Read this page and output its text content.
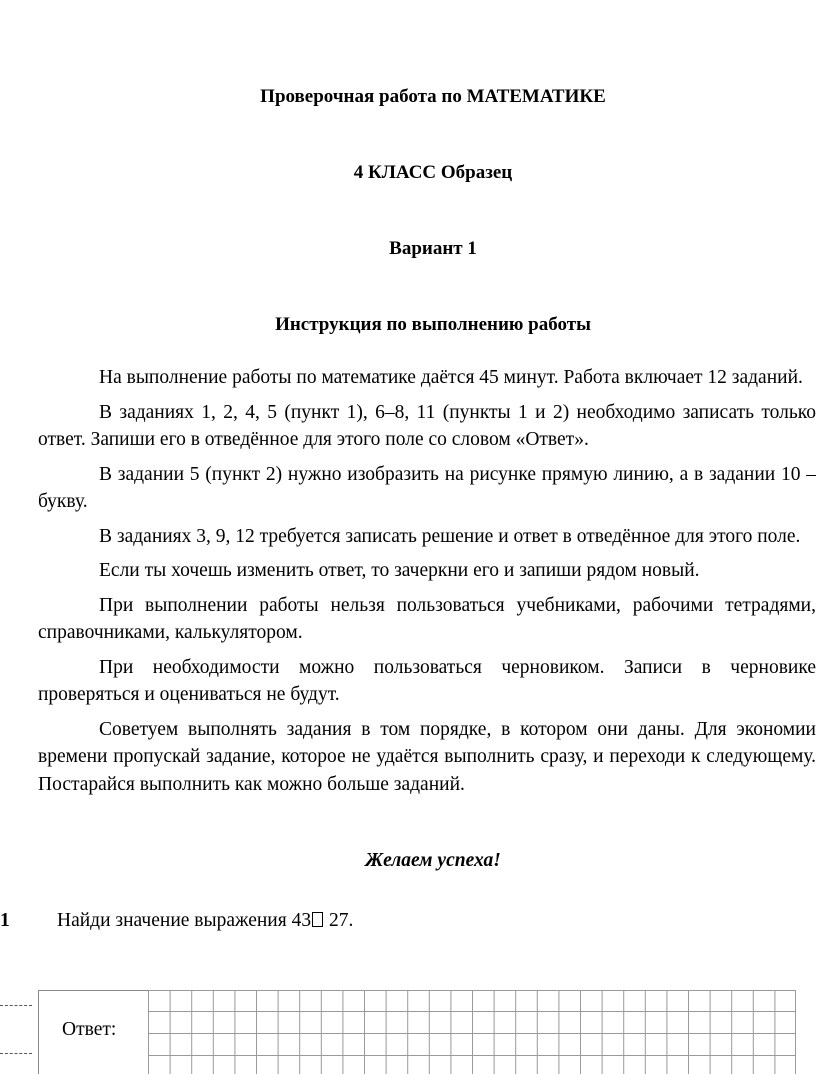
Проверочная работа по МАТЕМАТИКЕ
4 КЛАСС Образец
Вариант 1
Инструкция по выполнению работы

На выполнение работы по математике даётся 45 минут. Работа включает 12 заданий.

В заданиях 1, 2, 4, 5 (пункт 1), 6–8, 11 (пункты 1 и 2) необходимо записать только ответ. Запиши его в отведённое для этого поле со словом «Ответ».

В задании 5 (пункт 2) нужно изобразить на рисунке прямую линию, а в задании 10 – букву.

В заданиях 3, 9, 12 требуется записать решение и ответ в отведённое для этого поле.

Если ты хочешь изменить ответ, то зачеркни его и запиши рядом новый.

При выполнении работы нельзя пользоваться учебниками, рабочими тетрадями, справочниками, калькулятором.

При необходимости можно пользоваться черновиком. Записи в черновике проверяться и оцениваться не будут.

Советуем выполнять задания в том порядке, в котором они даны. Для экономии времени пропускай задание, которое не удаётся выполнить сразу, и переходи к следующему. Постарайся выполнить как можно больше заданий.

Желаем успеха!
1 Найди значение выражения 43 27.
Ответ:
